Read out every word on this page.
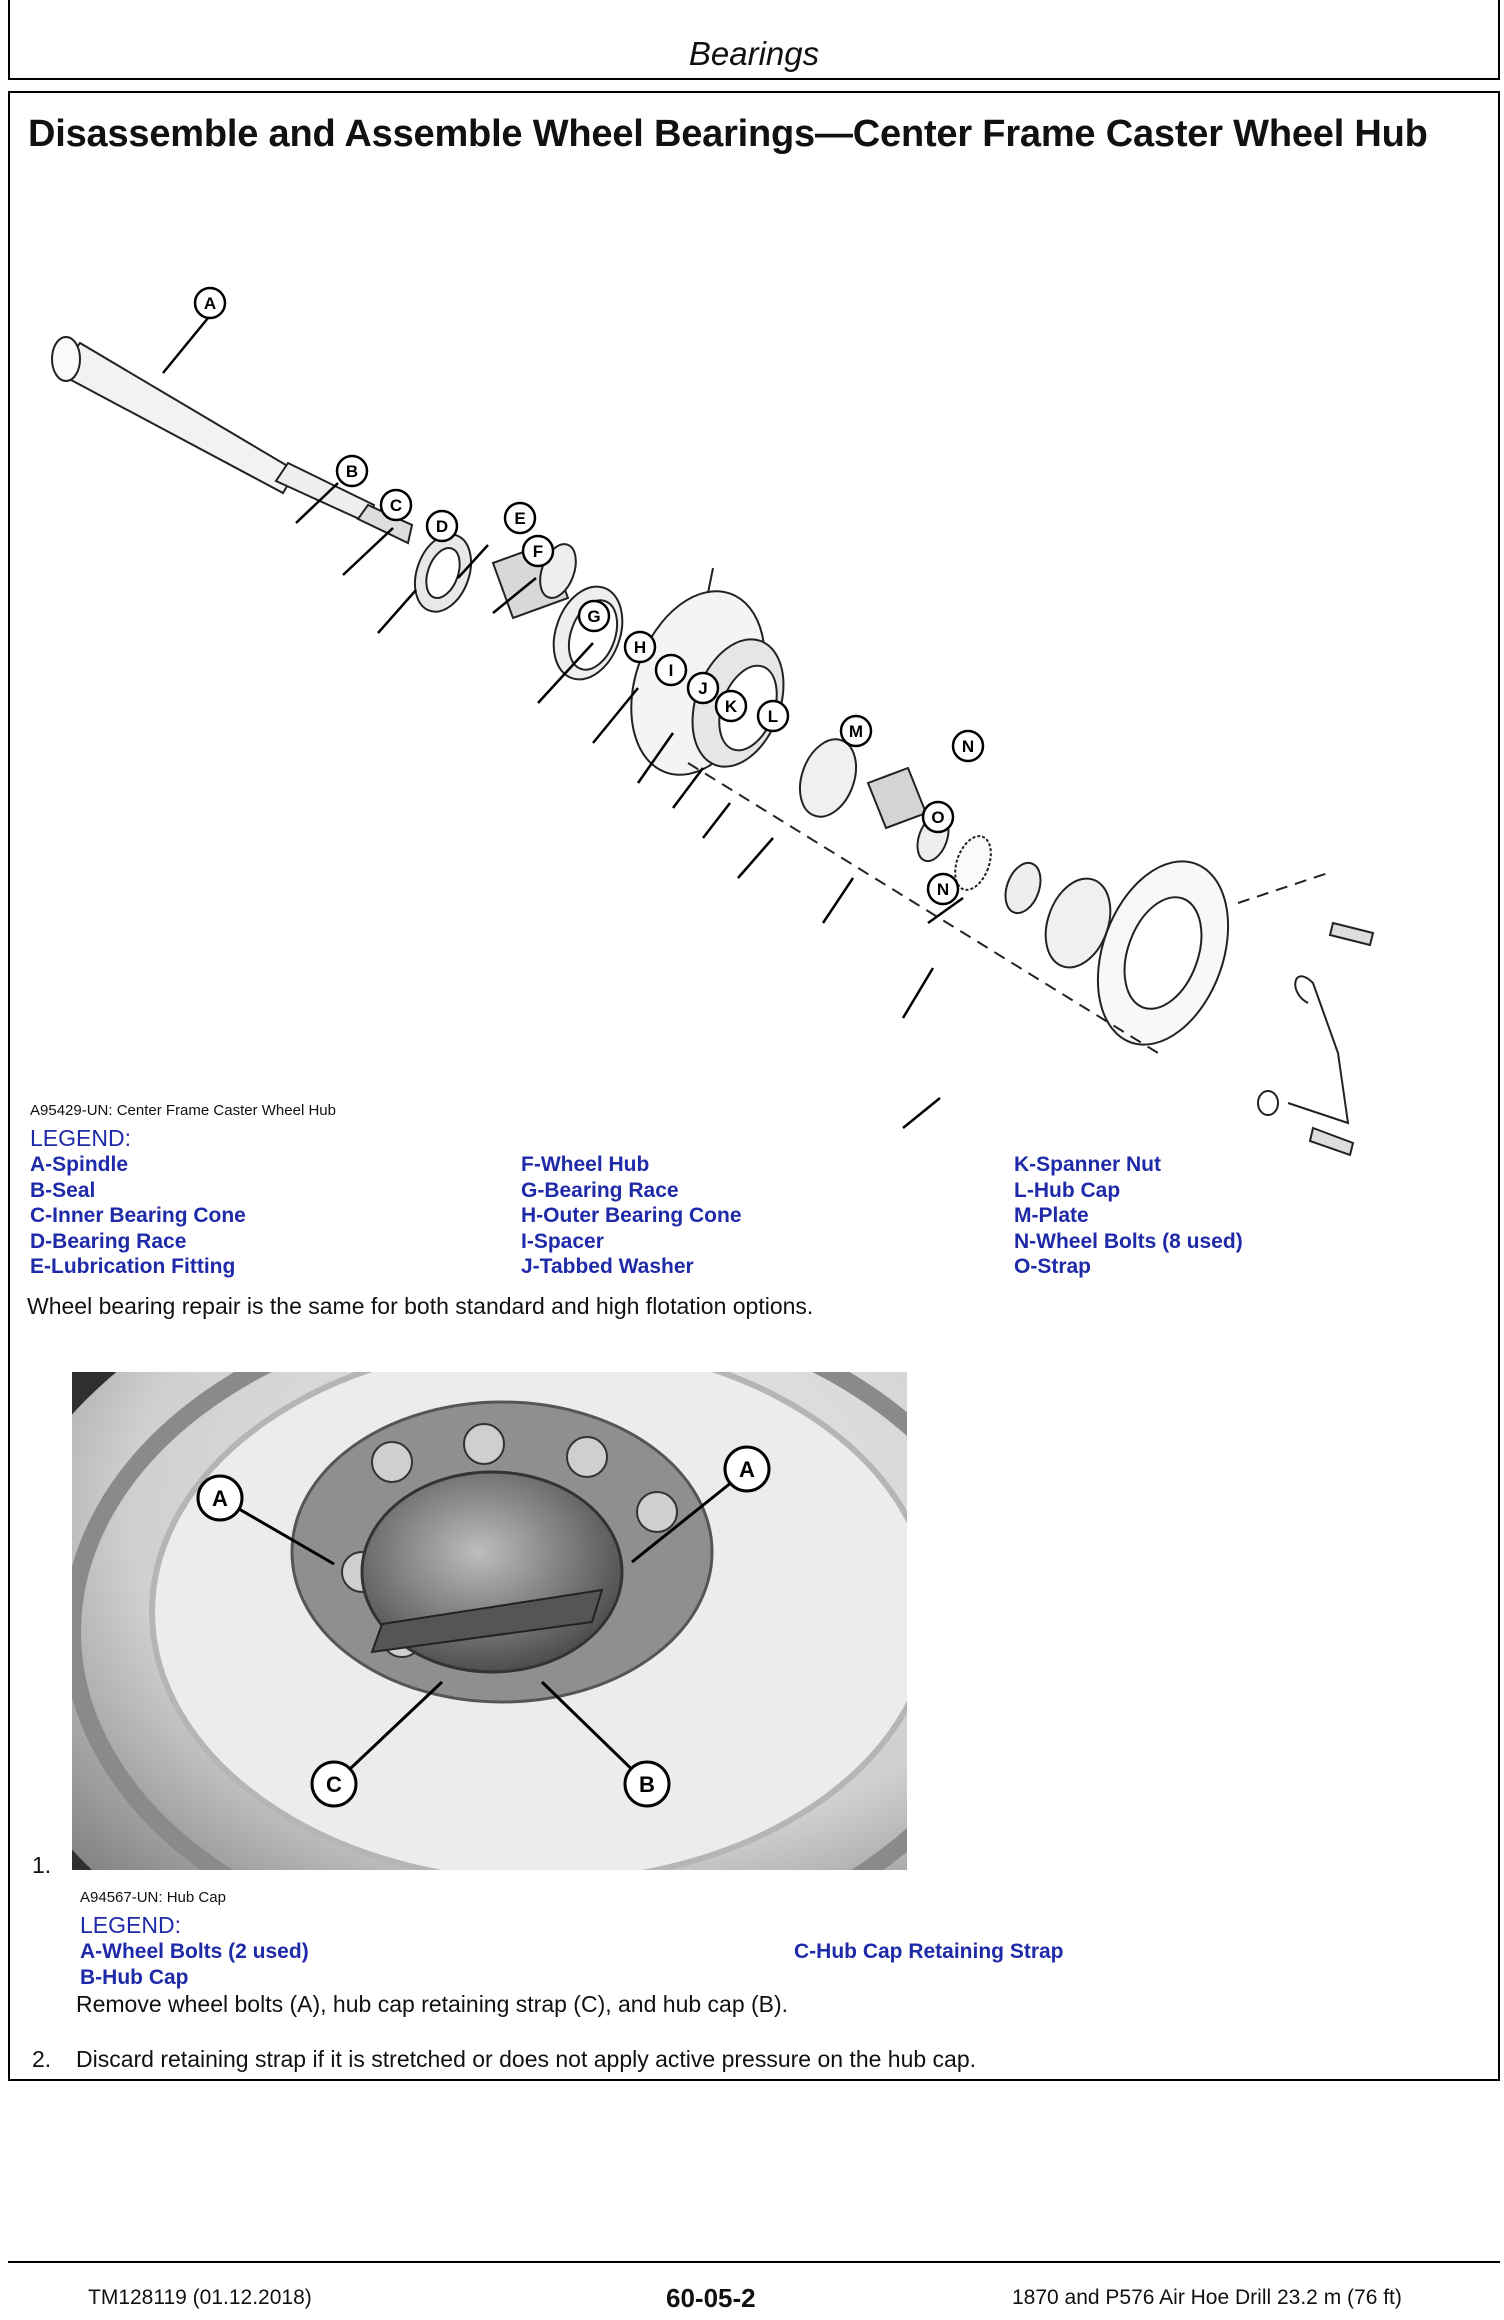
Bearings
Disassemble and Assemble Wheel Bearings—Center Frame Caster Wheel Hub
A
B
C
D	E
F
G
H
I
J
K
L
M
N
O
N
A95429-UN: Center Frame Caster Wheel Hub
LEGEND:
A-Spindle
B-Seal
C-Inner Bearing Cone
D-Bearing Race
E-Lubrication Fitting
F-Wheel Hub
G-Bearing Race
H-Outer Bearing Cone
I-Spacer
J-Tabbed Washer
K-Spanner Nut
L-Hub Cap
M-Plate
N-Wheel Bolts (8 used)
O-Strap
Wheel bearing repair is the same for both standard and high flotation options.
A
A
C	B
1.
A94567-UN: Hub Cap
LEGEND:
A-Wheel Bolts (2 used)
B-Hub Cap
C-Hub Cap Retaining Strap
Remove wheel bolts (A), hub cap retaining strap (C), and hub cap (B).
2. Discard retaining strap if it is stretched or does not apply active pressure on the hub cap.
TM128119 (01.12.2018)	60-05-2	1870 and P576 Air Hoe Drill 23.2 m (76 ft)
